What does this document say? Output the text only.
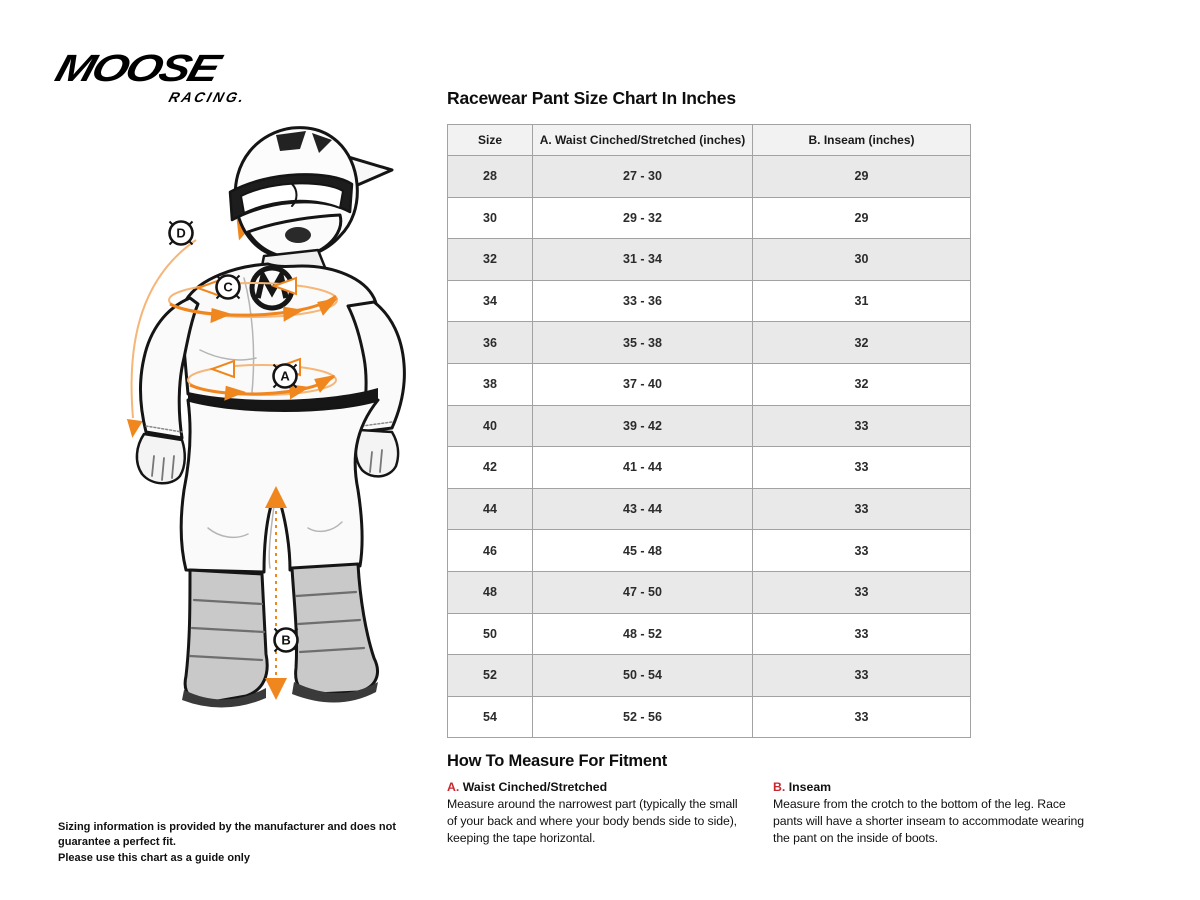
MOOSE
RACING.
D
C
A
B
Racewear Pant Size Chart In Inches
Size	A. Waist Cinched/Stretched (inches)	B. Inseam (inches)
28	27 - 30	29
30	29 - 32	29
32	31 - 34	30
34	33 - 36	31
36	35 - 38	32
38	37 - 40	32
40	39 - 42	33
42	41 - 44	33
44	43 - 44	33
46	45 - 48	33
48	47 - 50	33
50	48 - 52	33
52	50 - 54	33
54	52 - 56	33
How To Measure For Fitment
A. Waist Cinched/Stretched

Measure around the narrowest part (typically the small of your back and where your body bends side to side), keeping the tape horizontal.

B. Inseam

Measure from the crotch to the bottom of the leg. Race pants will have a shorter inseam to accommodate wearing the pant on the inside of boots.

Sizing information is provided by the manufacturer and does not guarantee a perfect fit.
Please use this chart as a guide only
